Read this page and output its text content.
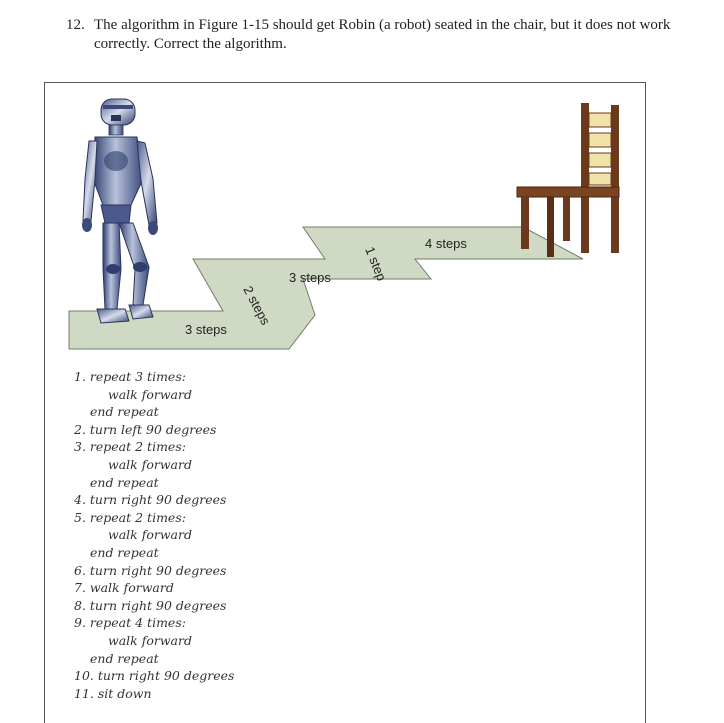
12. The algorithm in Figure 1-15 should get Robin (a robot) seated in the chair, but it does not work correctly. Correct the algorithm.
3 steps
2 steps
3 steps 1 step
4 steps
1. repeat 3 times:
walk forward
end repeat
2. turn left 90 degrees
3. repeat 2 times:
walk forward
end repeat
4. turn right 90 degrees
5. repeat 2 times:
walk forward
end repeat
6. turn right 90 degrees
7. walk forward
8. turn right 90 degrees
9. repeat 4 times:
walk forward
end repeat
10. turn right 90 degrees
11. sit down
